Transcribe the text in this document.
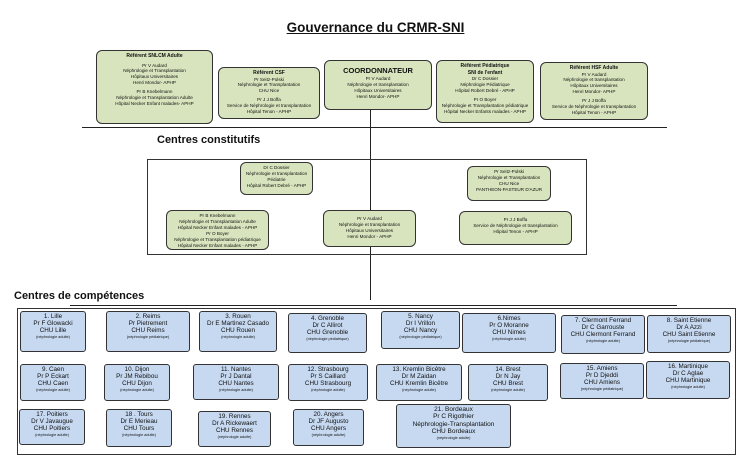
Gouvernance du CRMR-SNI
Référent SNLCM Adulte
Pr V Audard
Néphrologie et Transplantation
Hôpitaux Universitaires
Henri Mondor- APHP
Pr B Knebelmann
Néphrologie et Transplantation Adulte
Hôpital Necker Enfant malades- APHP
Référent CSF
Pr Seitz-Polski
Néphrologie et Transplantation
CHU Nice
Pr J J Boffa
Service de Néphrologie et transplantation
Hôpital Tenon - APHP
COORDONNATEUR
Pr V Audard
Néphrologie et transplantation
Hôpitaux Universitaires
Henri Mondor- APHP
Référent Pédiatrique
SNI de l'enfant
Dr C Dossier
Néphrologie Pédiatrique
Hôpital Robert Debré - APHP
Pr O Boyer
Néphrologie et Transplantation pédiatrique
Hôpital Necker Enfants malades - APHP
Référent HSF Adulte
Pr V Audard
Néphrologie et transplantation
Hôpitaux Universitaires
Henri Mondor- APHP
Pr J J Boffa
Service de Néphrologie et transplantation
Hôpital Tenon - APHP
Centres constitutifs
Dr C Dossier
Néphrologie et transplantation
Pédiatrie
Hôpital Robert Debré - APHP
Pr Seitz-Polski
Néphrologie et Transplantation
CHU Nice
PANTHEON-PASTEUR D'AZUR
Pr B Knebelmann
Néphrologie et Transplantation Adulte
Hôpital Necker Enfant malades - APHP
Pr O Boyer
Néphrologie et Transplantation pédiatrique
Hôpital Necker Enfant malades - APHP
Pr V Audard
Néphrologie et transplantation
Hôpitaux Universitaires
Henri Mondor - APHP
Pr J J Boffa
Service de Néphrologie et transplantation
Hôpital Tenon - APHP
Centres de compétences
1. Lille
Pr F Glowacki
CHU Lille
(néphrologie adulte)
2. Reims
Pr Pietrement
CHU Reims
(néphrologie pédiatrique)
3. Rouen
Dr E Martinez Casado
CHU Rouen
(néphrologie adulte)
4. Grenoble
Dr C Allirot
CHU Grenoble
(néphrologie pédiatrique)
5. Nancy
Dr I Vrillon
CHU Nancy
(néphrologie pédiatrique)
6.Nimes
Pr O Moranne
CHU Nimes
(néphrologie adulte)
7. Clermont Ferrand
Dr C Garrouste
CHU Clermont Ferrand
(néphrologie adulte)
8. Saint Etienne
Dr A Azzi
CHU Saint Etienne
(néphrologie pédiatrique)
9. Caen
Pr P Eckart
CHU Caen
(néphrologie adulte)
10. Dijon
Pr JM Rebibou
CHU Dijon
(néphrologie adulte)
11. Nantes
Pr J Dantal
CHU Nantes
(néphrologie adulte)
12. Strasbourg
Pr S Caillard
CHU Strasbourg
(néphrologie adulte)
13. Kremlin Bicêtre
Dr M Zaidan
CHU Kremlin Bicêtre
(néphrologie adulte)
14. Brest
Dr N Jay
CHU Brest
(néphrologie adulte)
15. Amiens
Pr D Djeddi
CHU Amiens
(néphrologie pédiatrique)
16. Martinique
Dr C Aglae
CHU Martinique
(néphrologie adulte)
17. Poitiers
Dr V Javaugue
CHU Poitiers
(néphrologie adulte)
18 . Tours
Dr E Merieau
CHU Tours
(néphrologie adulte)
19. Rennes
Dr A Rickewaert
CHU Rennes
(néphrologie adulte)
20. Angers
Dr JF Augusto
CHU Angers
(néphrologie adulte)
21. Bordeaux
Pr C Rigothier
Néphrologie-Transplantation
CHU Bordeaux
(néphrologie adulte)
